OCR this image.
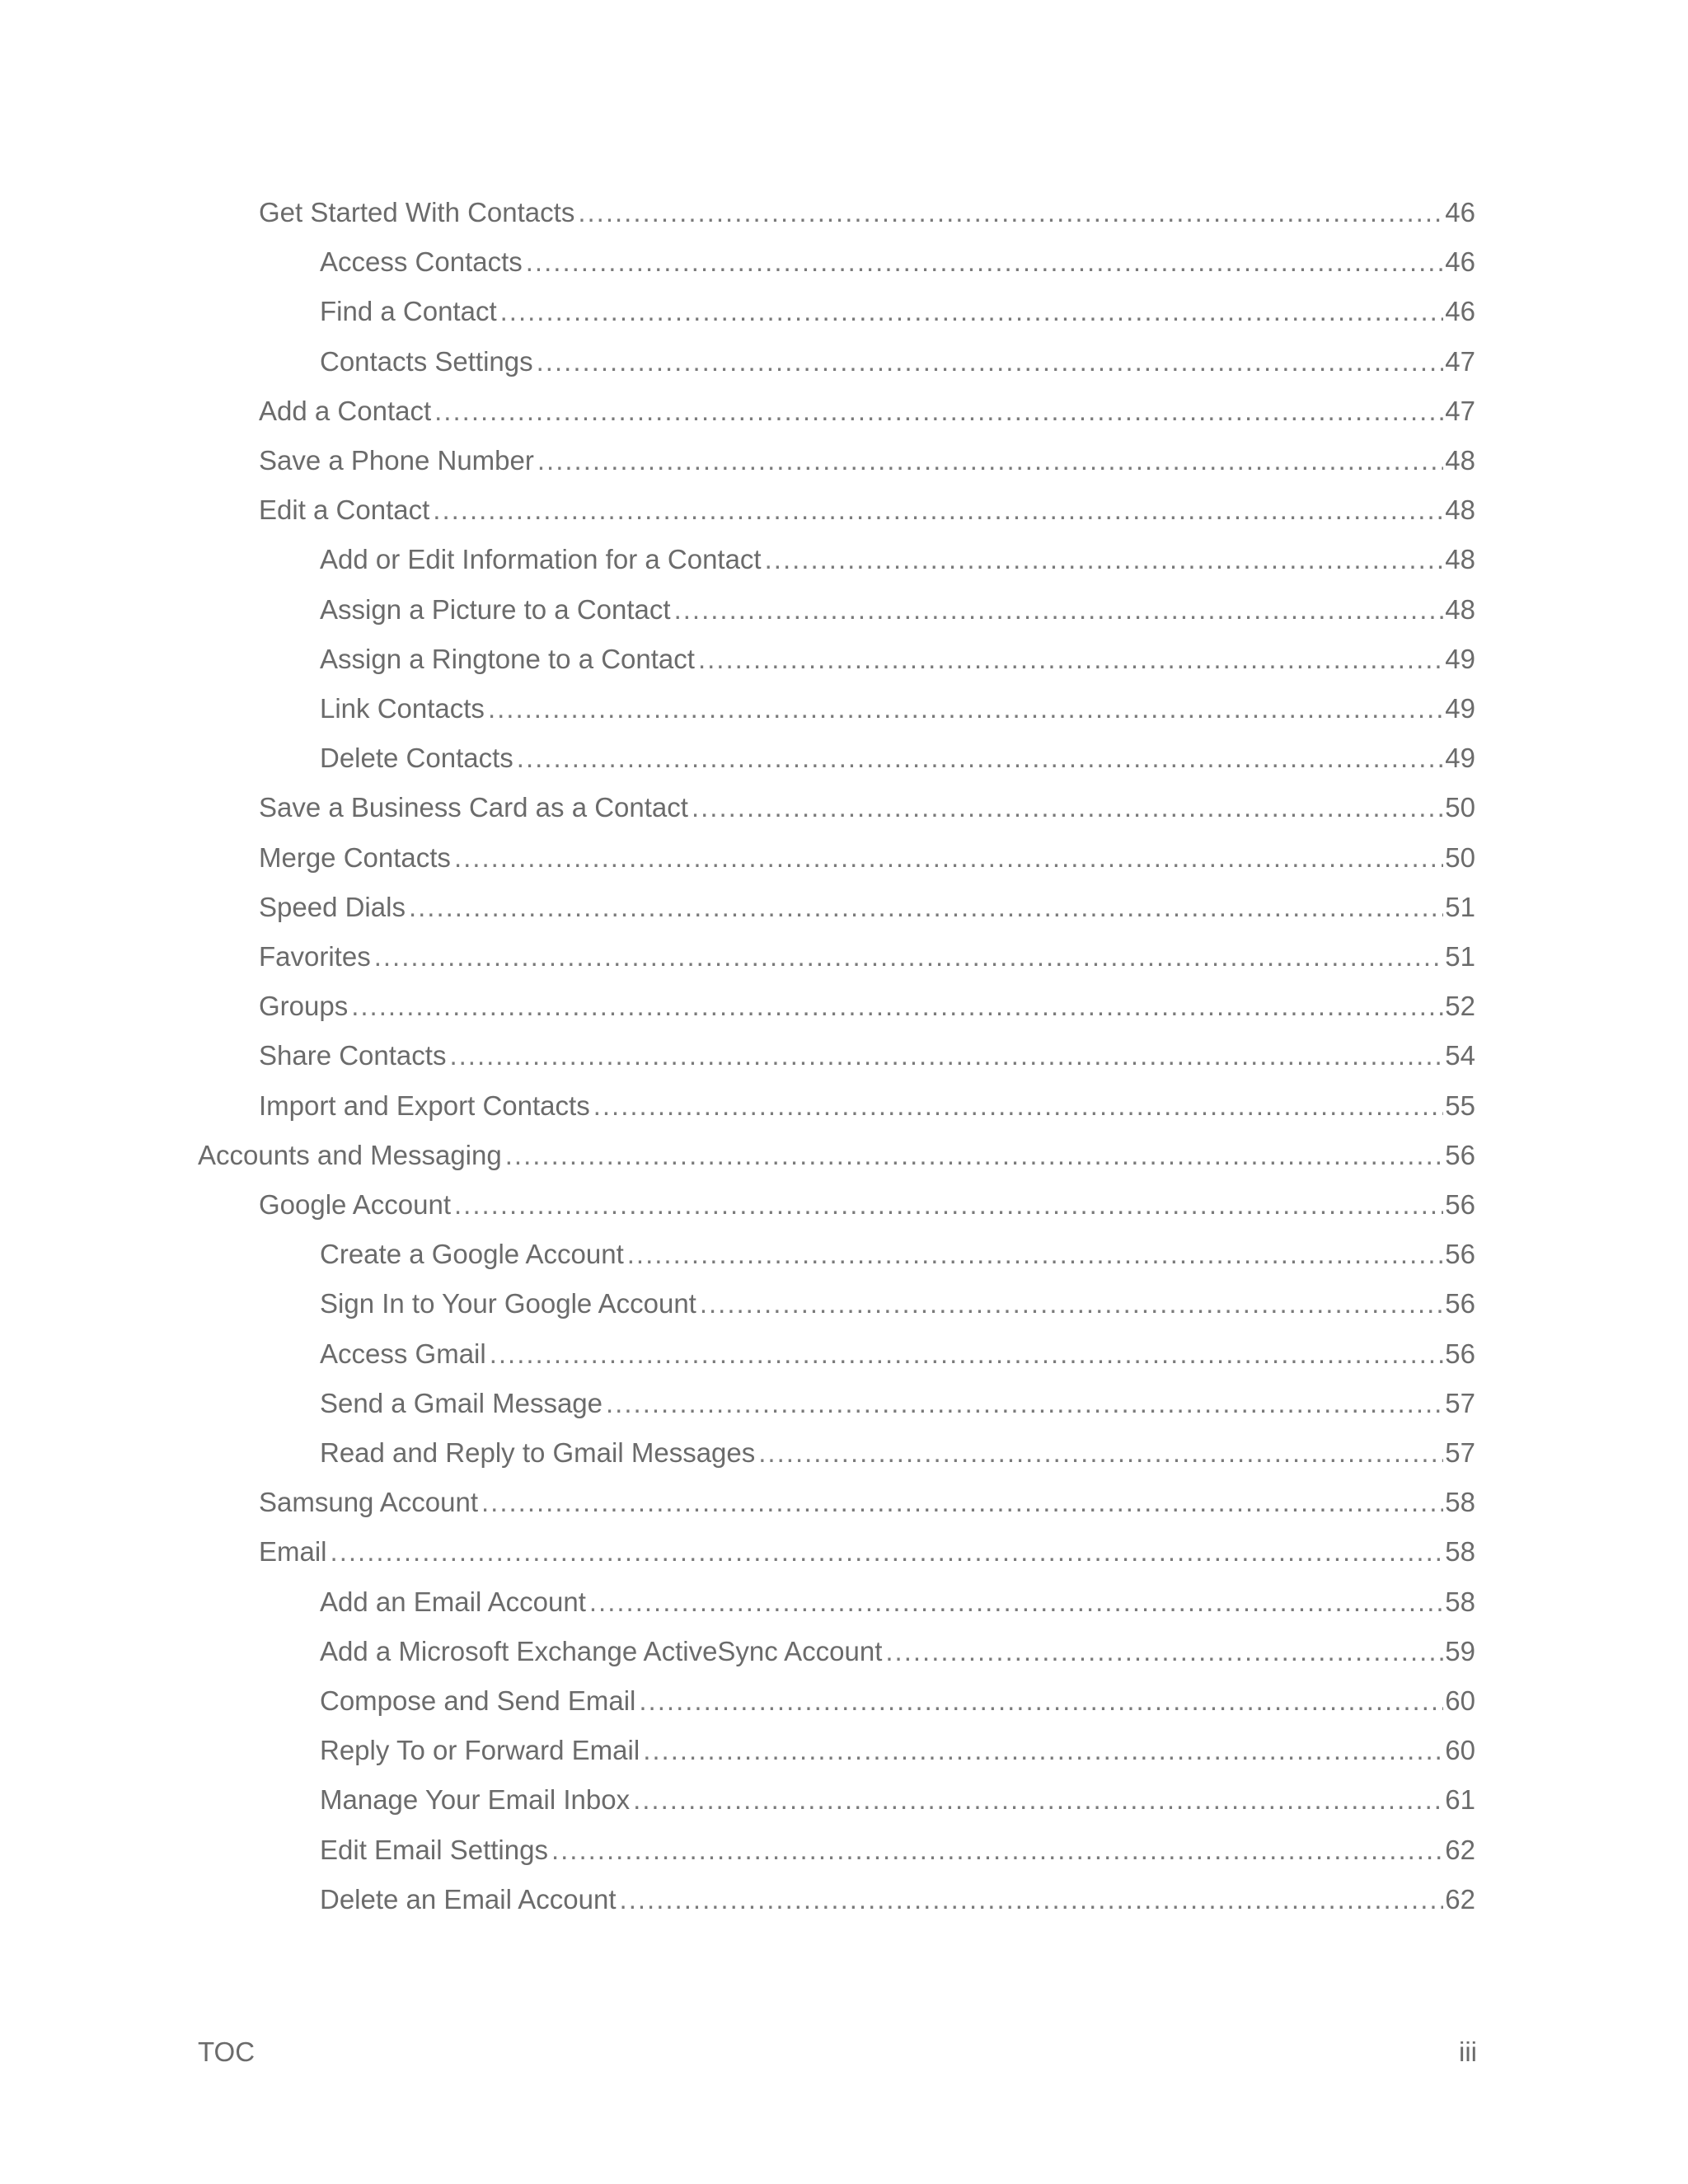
Get Started With Contacts .....	46
Access Contacts .....	46
Find a Contact .....	46
Contacts Settings .....	47
Add a Contact .....	47
Save a Phone Number .....	48
Edit a Contact .....	48
Add or Edit Information for a Contact .....	48
Assign a Picture to a Contact .....	48
Assign a Ringtone to a Contact .....	49
Link Contacts .....	49
Delete Contacts .....	49
Save a Business Card as a Contact .....	50
Merge Contacts .....	50
Speed Dials .....	51
Favorites .....	51
Groups .....	52
Share Contacts .....	54
Import and Export Contacts .....	55
Accounts and Messaging .....	56
Google Account .....	56
Create a Google Account .....	56
Sign In to Your Google Account .....	56
Access Gmail .....	56
Send a Gmail Message .....	57
Read and Reply to Gmail Messages .....	57
Samsung Account .....	58
Email .....	58
Add an Email Account .....	58
Add a Microsoft Exchange ActiveSync Account .....	59
Compose and Send Email .....	60
Reply To or Forward Email .....	60
Manage Your Email Inbox .....	61
Edit Email Settings .....	62
Delete an Email Account .....	62
TOC	iii
